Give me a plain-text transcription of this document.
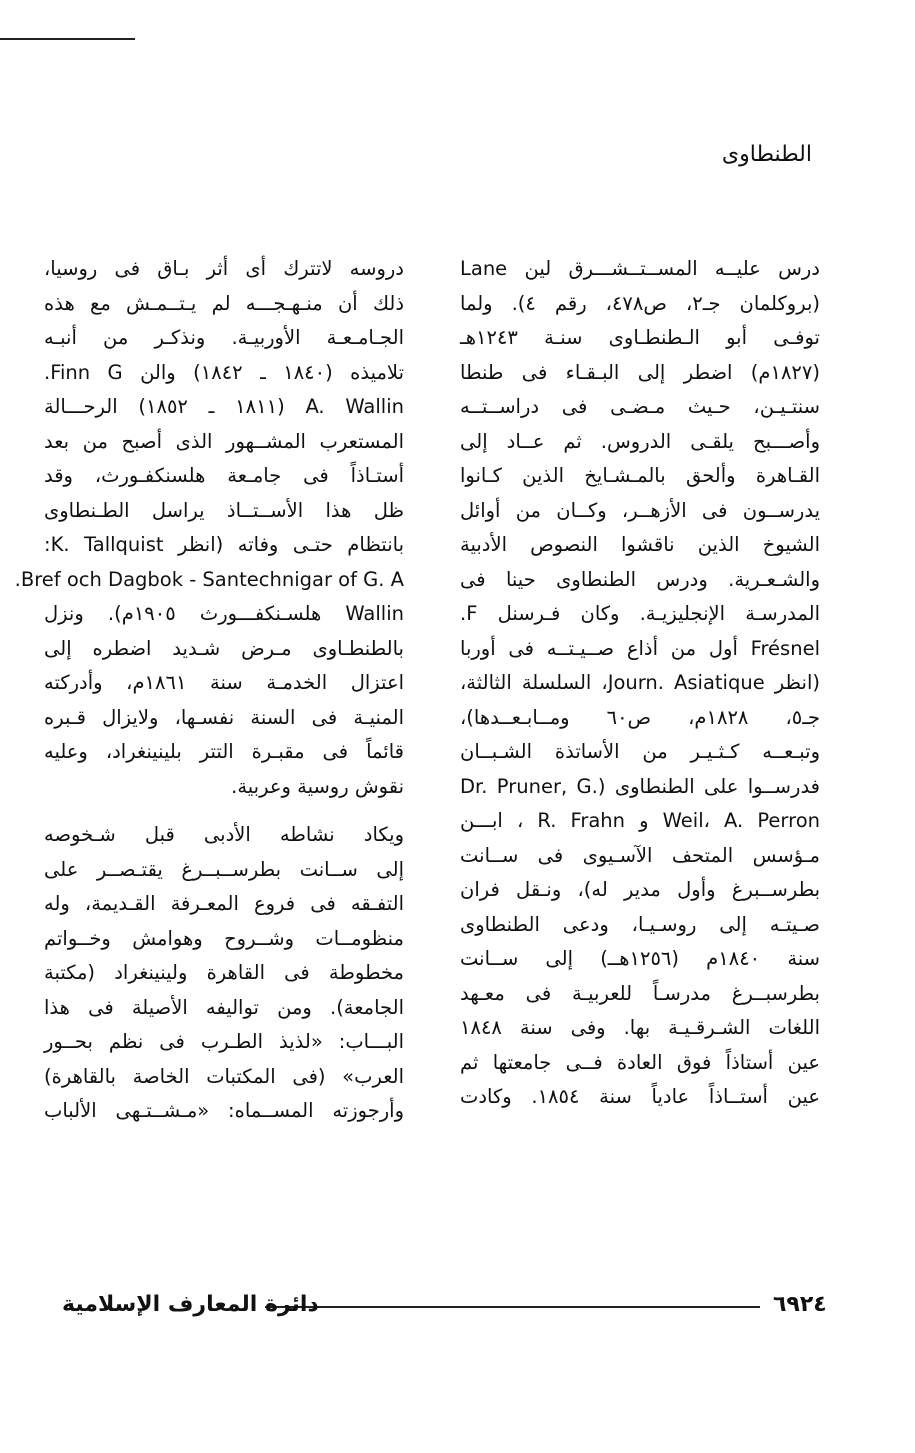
الطنطاوى
درس عليــه المســتــشـــرق لين Lane
(بروكلمان جـ٢، ص٤٧٨، رقم ٤). ولما
توفـى أبو الـطنطـاوى سنـة ١٢٤٣هـ
(١٨٢٧م) اضطر إلى البـقـاء فى طنطا
سنتـيـن، حـيث مـضـى فى دراســتــه
وأصـــبح يلقـى الدروس. ثم عــاد إلى
القـاهرة وألحق بالمـشـايخ الذين كـانوا
يدرســون فى الأزهــر، وكــان من أوائل
الشيوخ الذين ناقشوا النصوص الأدبية
والشـعـرية. ودرس الطنطاوى حينا فى
المدرسـة الإنجليزيـة. وكان فـرسنل F.
Frésnel أول من أذاع صــيـتــه فى أوربا
(انظر Journ. Asiatique، السلسلة الثالثة،
جـ٥، ١٨٢٨م، ص٦٠ ومــابـعــدها)،
وتبـعــه كـثـيـر من الأساتذة الشـبــان
فدرســوا على الطنطاوى (.Dr. Pruner, G
Weil، A. Perron و R. Frahn ، ابـــن
مـؤسس المتحف الآسـيوى فى ســانت
بطرســبرغ وأول مدير له)، ونـقل فران
صـيتـه إلى روسـيـا، ودعى الطنطاوى
سنة ١٨٤٠م (١٢٥٦هــ) إلى ســانت
بطرسبــرغ مدرسـاً للعربيـة فى معـهد
اللغات الشـرقـيـة بها. وفى سنة ١٨٤٨
عين أستاذاً فوق العادة فــى جامعتها ثم
عين أستــاذاً عادياً سنة ١٨٥٤. وكادت
دروسه لاتترك أى أثر بـاق فى روسيا،
ذلك أن منـهـجـــه لم يـتــمـش مع هذه
الجـامـعـة الأوربيـة. ونذكـر من أنبـه
تلاميذه (١٨٤٠ ـ ١٨٤٢) والن Finn G.
A. Wallin (١٨١١ ـ ١٨٥٢) الرحـــالة
المستعرب المشــهور الذى أصبح من بعد
أستـاذاً فى جامـعة هلسنكفـورث، وقد
ظل هذا الأســتــاذ يراسل الطـنطاوى
بانتظام حتـى وفاته (انظر K. Tallquist:
Bref och Dagbok - Santechnigar of G. A.
Wallin هلسـنكفـــورث ١٩٠٥م). ونزل
بالطنطـاوى مـرض شـديد اضطره إلى
اعتزال الخدمـة سنة ١٨٦١م، وأدركته
المنيـة فى السنة نفسـها، ولايزال قـبره
قائماً فى مقبـرة التتر بلينينغراد، وعليه
نقوش روسية وعربية.
ويكاد نشاطه الأدبى قبل شـخوصه
إلى ســانت بطرســبــرغ يقتـصــر على
التفـقه فى فروع المعـرفة القـديمة، وله
منظومــات وشــروح وهوامش وخــواتم
مخطوطة فى القاهرة ولينينغراد (مكتبة
الجامعة). ومن تواليفه الأصيلة فى هذا
البـــاب: «لذيذ الطـرب فى نظم بحــور
العرب» (فى المكتبات الخاصة بالقاهرة)
وأرجوزته المســماه: «مـشــتـهى الألباب
٦٩٢٤
دائرة المعارف الإسلامية
